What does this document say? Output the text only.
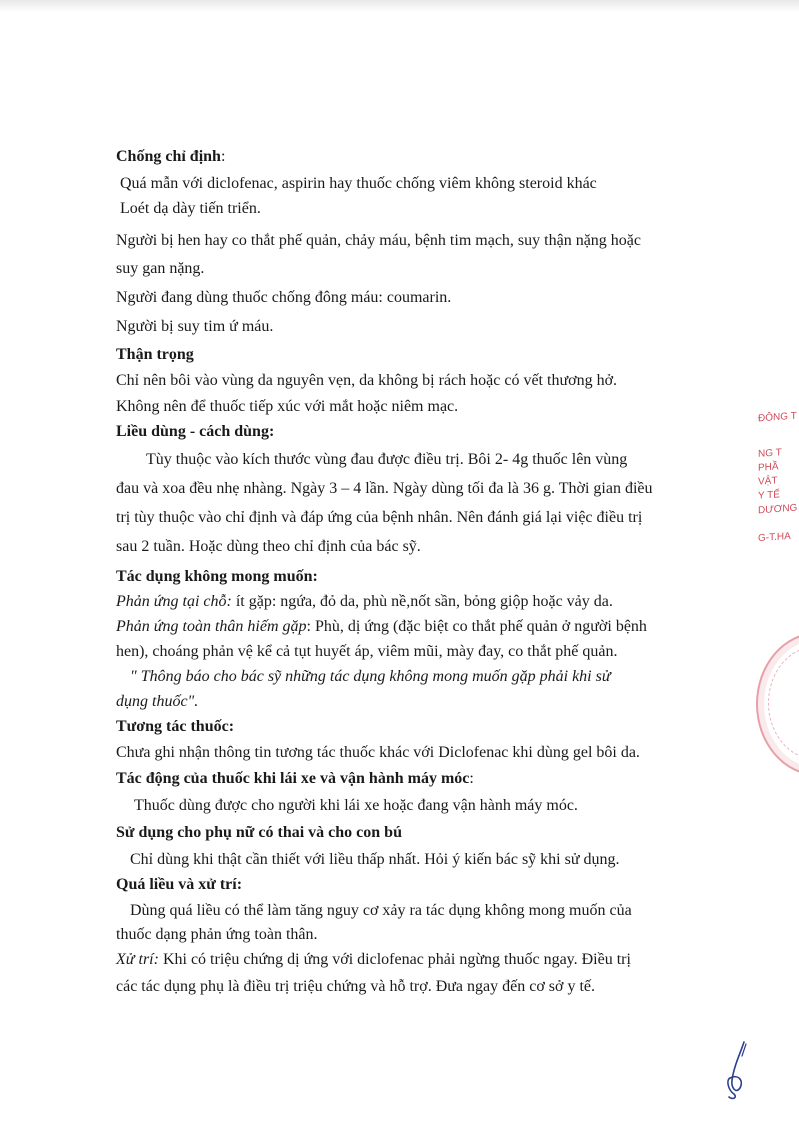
Chống chỉ định:
Quá mẫn với diclofenac, aspirin hay thuốc chống viêm không steroid khác
Loét dạ dày tiến triển.
Người bị hen hay co thắt phế quản, chảy máu, bệnh tim mạch, suy thận nặng hoặc
suy gan nặng.
Người đang dùng thuốc chống đông máu: coumarin.
Người bị suy tim ứ máu.
Thận trọng
Chỉ nên bôi vào vùng da nguyên vẹn, da không bị rách hoặc có vết thương hở.
Không nên để thuốc tiếp xúc với mắt hoặc niêm mạc.
Liều dùng - cách dùng:
Tùy thuộc vào kích thước vùng đau được điều trị. Bôi 2- 4g thuốc lên vùng
đau và xoa đều nhẹ nhàng. Ngày 3 – 4 lần. Ngày dùng tối đa là 36 g. Thời gian điều
trị tùy thuộc vào chỉ định và đáp ứng của bệnh nhân. Nên đánh giá lại việc điều trị
sau 2 tuần. Hoặc dùng theo chỉ định của bác sỹ.
Tác dụng không mong muốn:
Phản ứng tại chỗ: ít gặp: ngứa, đỏ da, phù nề,nốt sần, bỏng giộp hoặc vảy da.
Phản ứng toàn thân hiếm gặp: Phù, dị ứng (đặc biệt co thắt phế quản ở người bệnh
hen), choáng phản vệ kể cả tụt huyết áp, viêm mũi, mày đay, co thắt phế quản.
" Thông báo cho bác sỹ những tác dụng không mong muốn gặp phải khi sử
dụng thuốc".
Tương tác thuốc:
Chưa ghi nhận thông tin tương tác thuốc khác với Diclofenac khi dùng gel bôi da.
Tác động của thuốc khi lái xe và vận hành máy móc:
Thuốc dùng được cho người khi lái xe hoặc đang vận hành máy móc.
Sử dụng cho phụ nữ có thai và cho con bú
Chỉ dùng khi thật cần thiết với liều thấp nhất. Hỏi ý kiến bác sỹ khi sử dụng.
Quá liều và xử trí:
Dùng quá liều có thể làm tăng nguy cơ xảy ra tác dụng không mong muốn của
thuốc dạng phản ứng toàn thân.
Xử trí: Khi có triệu chứng dị ứng với diclofenac phải ngừng thuốc ngay. Điều trị
các tác dụng phụ là điều trị triệu chứng và hỗ trợ. Đưa ngay đến cơ sở y tế.
ĐÔNG T
NG T
PHẦ
VẬT
Y TẾ
DƯƠNG
G-T.HA
